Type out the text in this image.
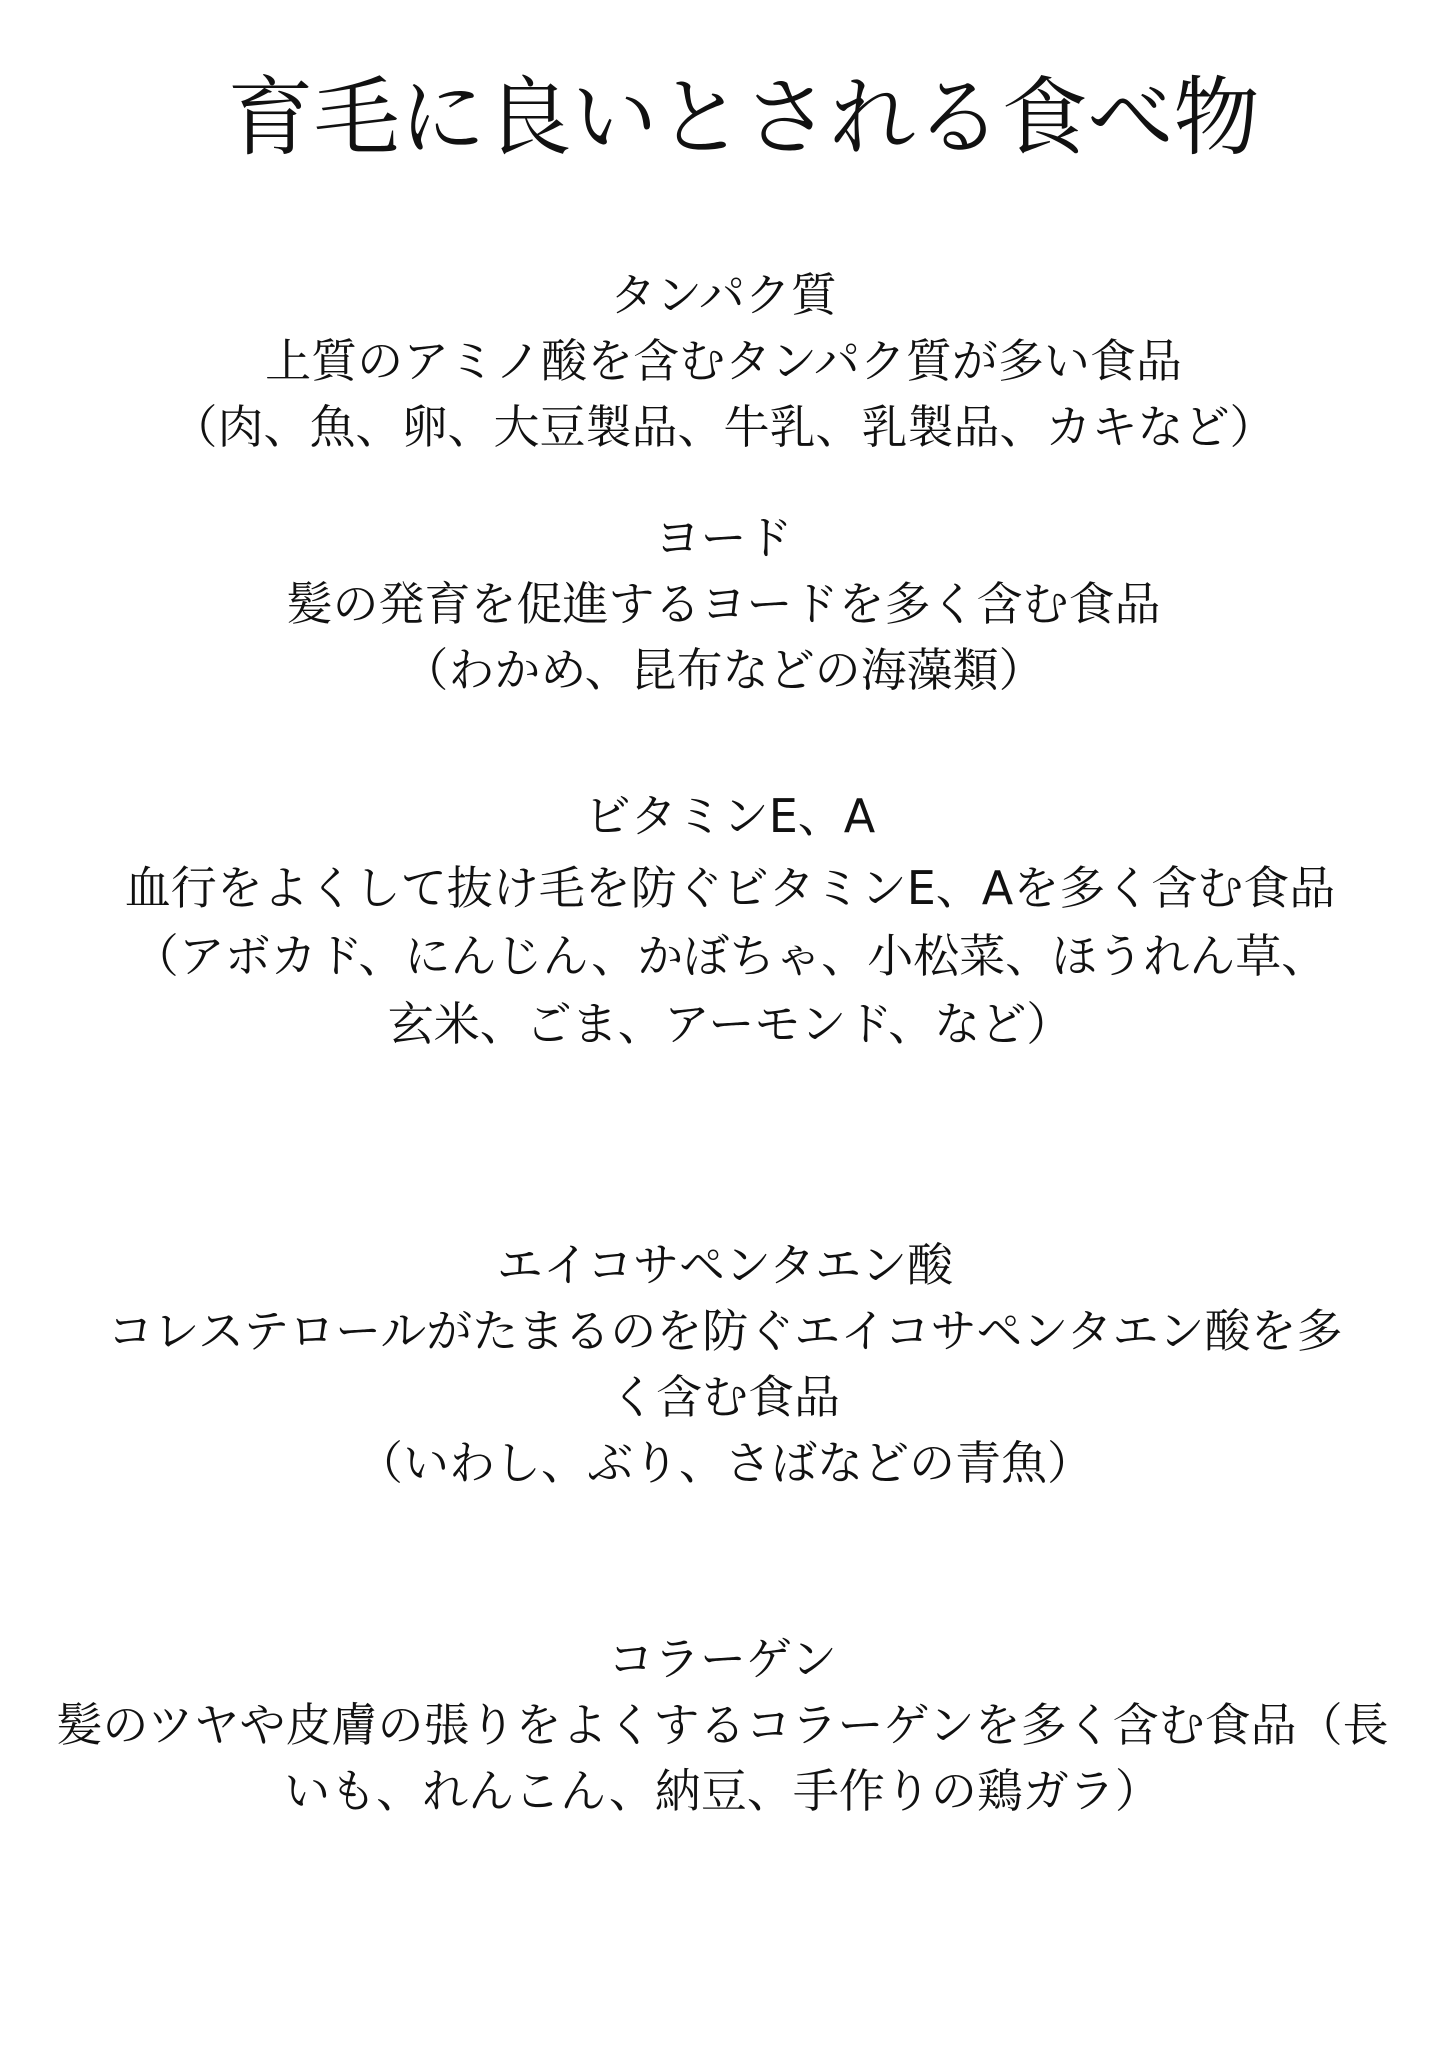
育毛に良いとされる食べ物

タンパク質

上質のアミノ酸を含むタンパク質が多い食品

（肉、魚、卵、大豆製品、牛乳、乳製品、カキなど）

ヨード

髪の発育を促進するヨードを多く含む食品

（わかめ、昆布などの海藻類）

ビタミンE、A

血行をよくして抜け毛を防ぐビタミンE、Aを多く含む食品

（アボカド、にんじん、かぼちゃ、小松菜、ほうれん草、玄米、ごま、アーモンド、など）

エイコサペンタエン酸

コレステロールがたまるのを防ぐエイコサペンタエン酸を多く含む食品

（いわし、ぶり、さばなどの青魚）

コラーゲン

髪のツヤや皮膚の張りをよくするコラーゲンを多く含む食品（長いも、れんこん、納豆、手作りの鶏ガラ）
